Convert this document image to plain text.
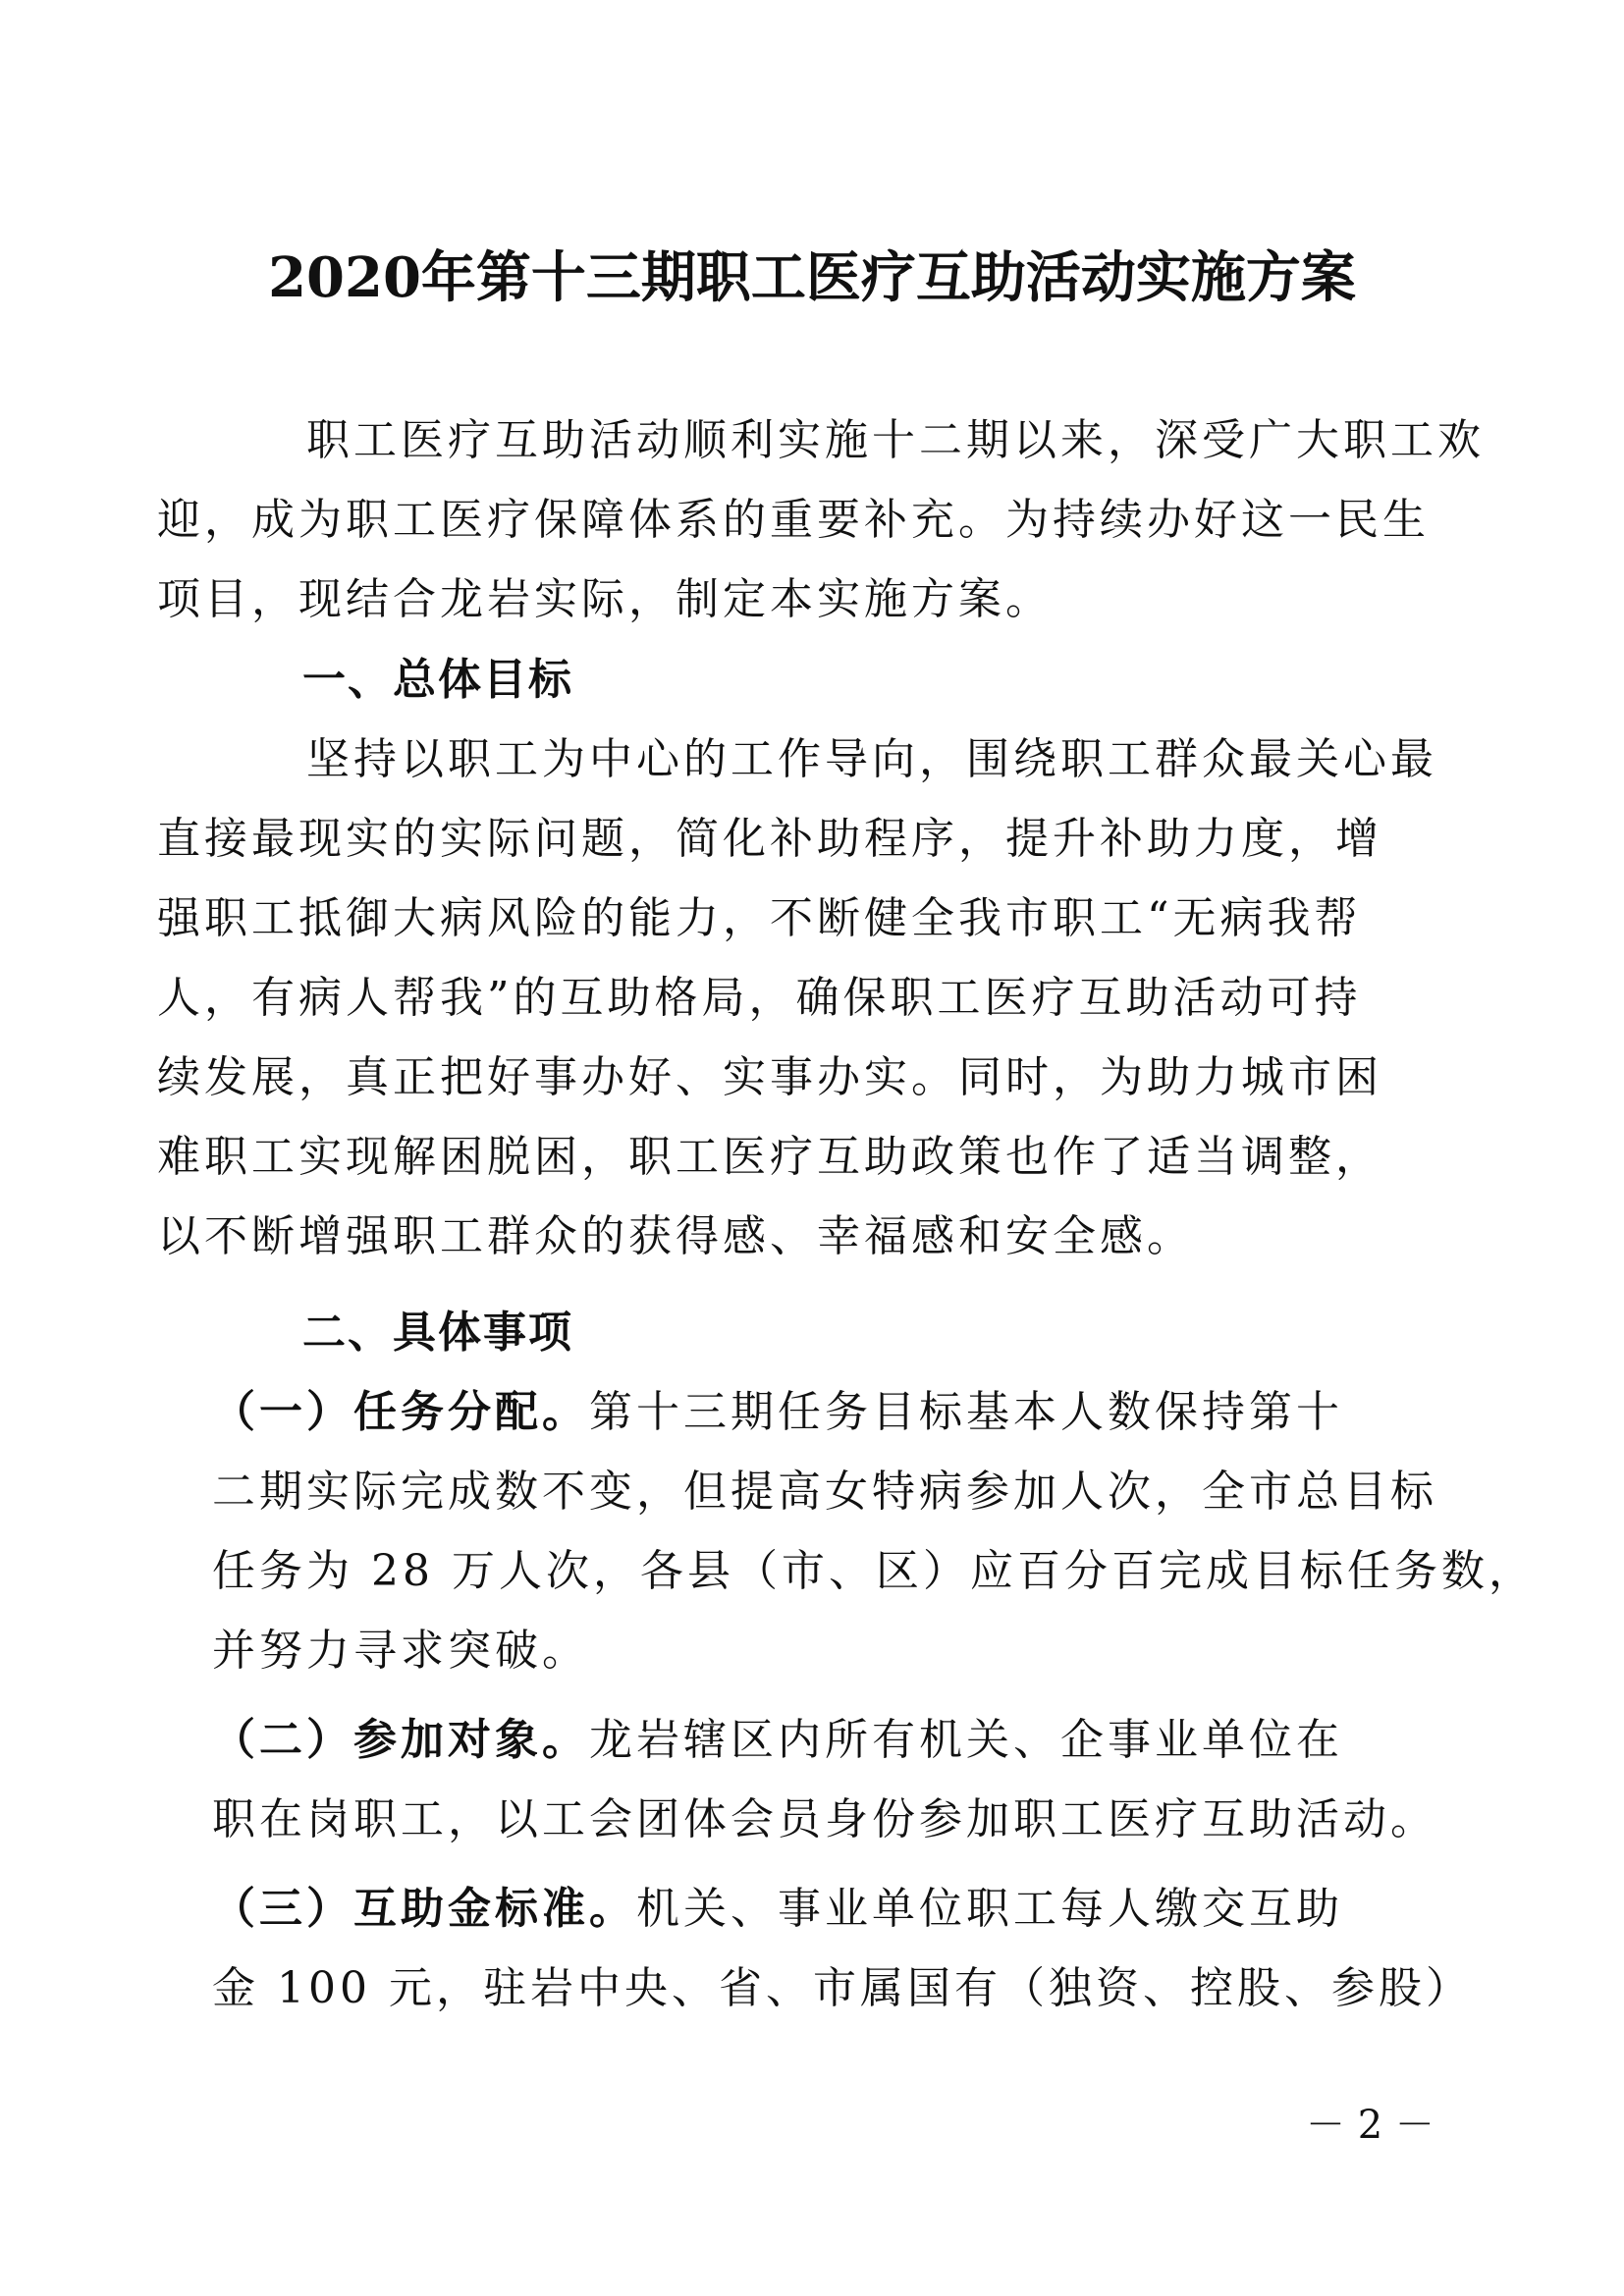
2020年第十三期职工医疗互助活动实施方案
　　职工医疗互助活动顺利实施十二期以来，深受广大职工欢
迎，成为职工医疗保障体系的重要补充。为持续办好这一民生
项目，现结合龙岩实际，制定本实施方案。
　　一、总体目标
　　坚持以职工为中心的工作导向，围绕职工群众最关心最
直接最现实的实际问题，简化补助程序，提升补助力度，增
强职工抵御大病风险的能力，不断健全我市职工“无病我帮
人，有病人帮我”的互助格局，确保职工医疗互助活动可持
续发展，真正把好事办好、实事办实。同时，为助力城市困
难职工实现解困脱困，职工医疗互助政策也作了适当调整，
以不断增强职工群众的获得感、幸福感和安全感。
　　二、具体事项
（一）任务分配。第十三期任务目标基本人数保持第十
二期实际完成数不变，但提高女特病参加人次，全市总目标
任务为 28 万人次，各县（市、区）应百分百完成目标任务数，
并努力寻求突破。
（二）参加对象。龙岩辖区内所有机关、企事业单位在
职在岗职工，以工会团体会员身份参加职工医疗互助活动。
（三）互助金标准。机关、事业单位职工每人缴交互助
金 100 元，驻岩中央、省、市属国有（独资、控股、参股）
－ 2 －
